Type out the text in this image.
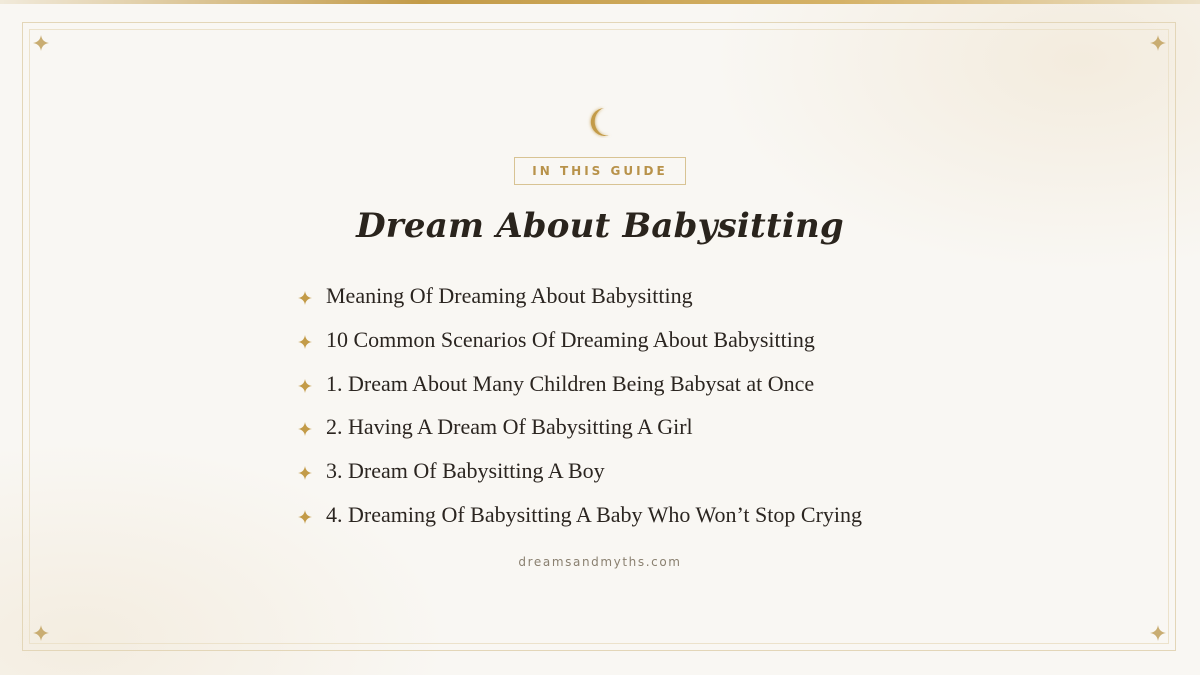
IN THIS GUIDE
Dream About Babysitting
Meaning Of Dreaming About Babysitting
10 Common Scenarios Of Dreaming About Babysitting
1. Dream About Many Children Being Babysat at Once
2. Having A Dream Of Babysitting A Girl
3. Dream Of Babysitting A Boy
4. Dreaming Of Babysitting A Baby Who Won’t Stop Crying
dreamsandmyths.com
